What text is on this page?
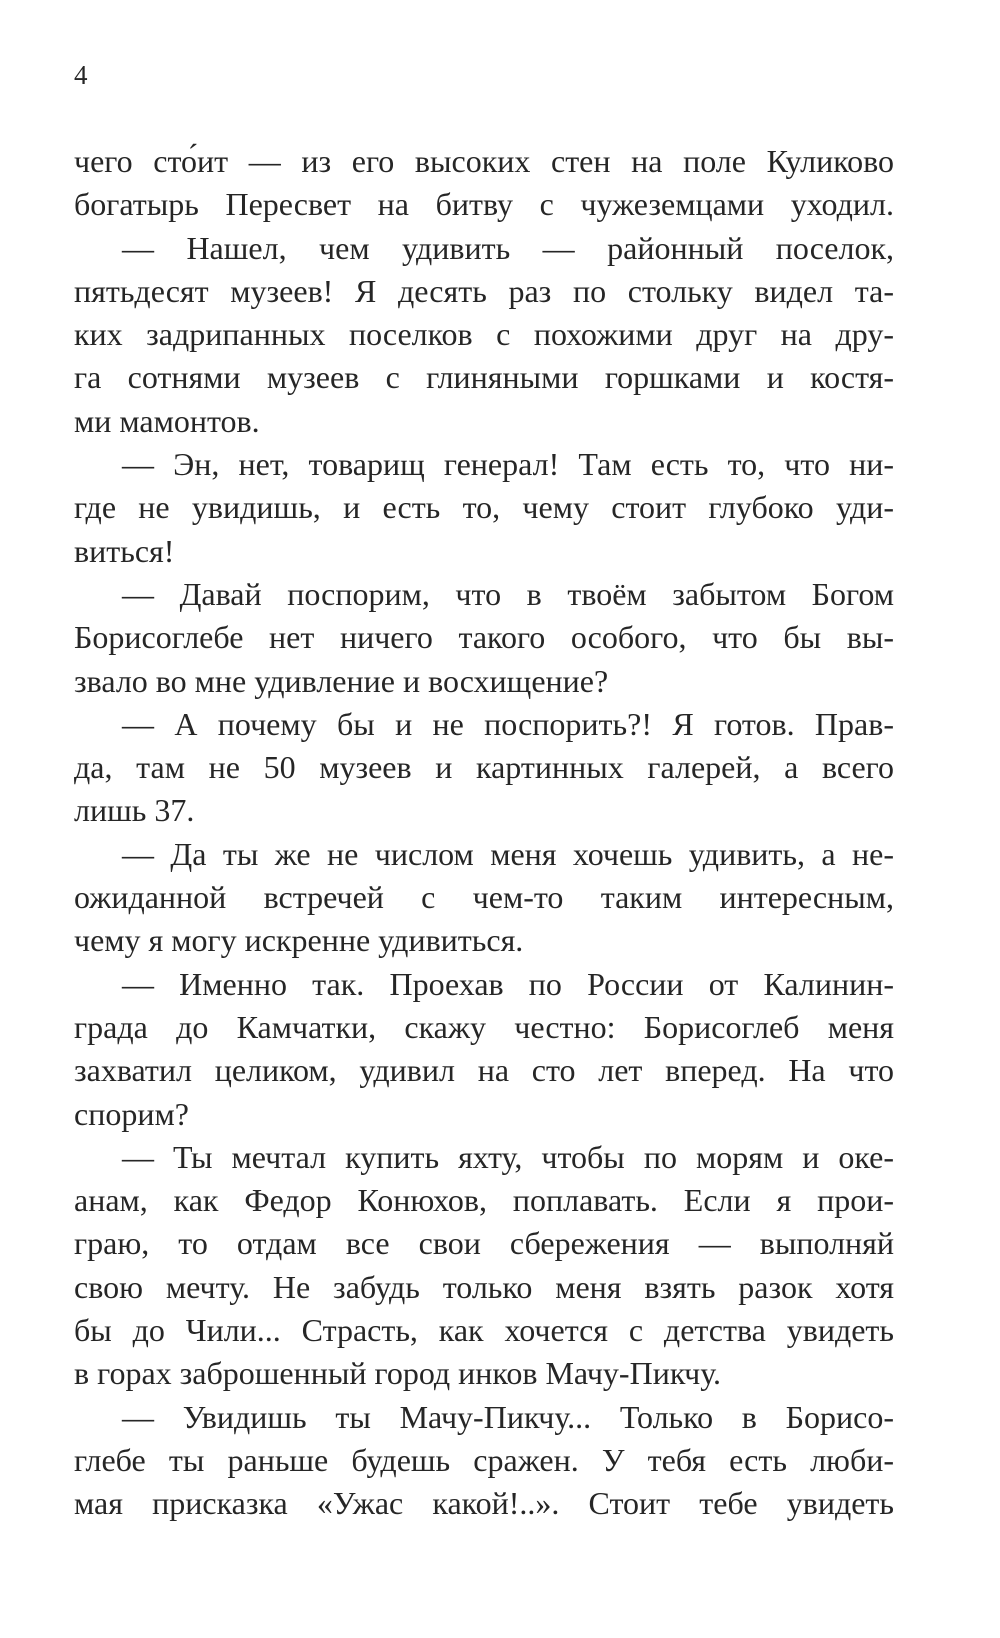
4
чего сто́ит — из его высоких стен на поле Куликово
богатырь Пересвет на битву с чужеземцами уходил.
— Нашел, чем удивить — районный поселок,
пятьдесят музеев! Я десять раз по стольку видел та-
ких задрипанных поселков с похожими друг на дру-
га сотнями музеев с глиняными горшками и костя-
ми мамонтов.
— Эн, нет, товарищ генерал! Там есть то, что ни-
где не увидишь, и есть то, чему стоит глубоко уди-
виться!
— Давай поспорим, что в твоём забытом Богом
Борисоглебе нет ничего такого особого, что бы вы-
звало во мне удивление и восхищение?
— А почему бы и не поспорить?! Я готов. Прав-
да, там не 50 музеев и картинных галерей, а всего
лишь 37.
— Да ты же не числом меня хочешь удивить, а не-
ожиданной встречей с чем-то таким интересным,
чему я могу искренне удивиться.
— Именно так. Проехав по России от Калинин-
града до Камчатки, скажу честно: Борисоглеб меня
захватил целиком, удивил на сто лет вперед. На что
спорим?
— Ты мечтал купить яхту, чтобы по морям и оке-
анам, как Федор Конюхов, поплавать. Если я прои-
граю, то отдам все свои сбережения — выполняй
свою мечту. Не забудь только меня взять разок хотя
бы до Чили... Страсть, как хочется с детства увидеть
в горах заброшенный город инков Мачу-Пикчу.
— Увидишь ты Мачу-Пикчу... Только в Борисо-
глебе ты раньше будешь сражен. У тебя есть люби-
мая присказка «Ужас какой!..». Стоит тебе увидеть
